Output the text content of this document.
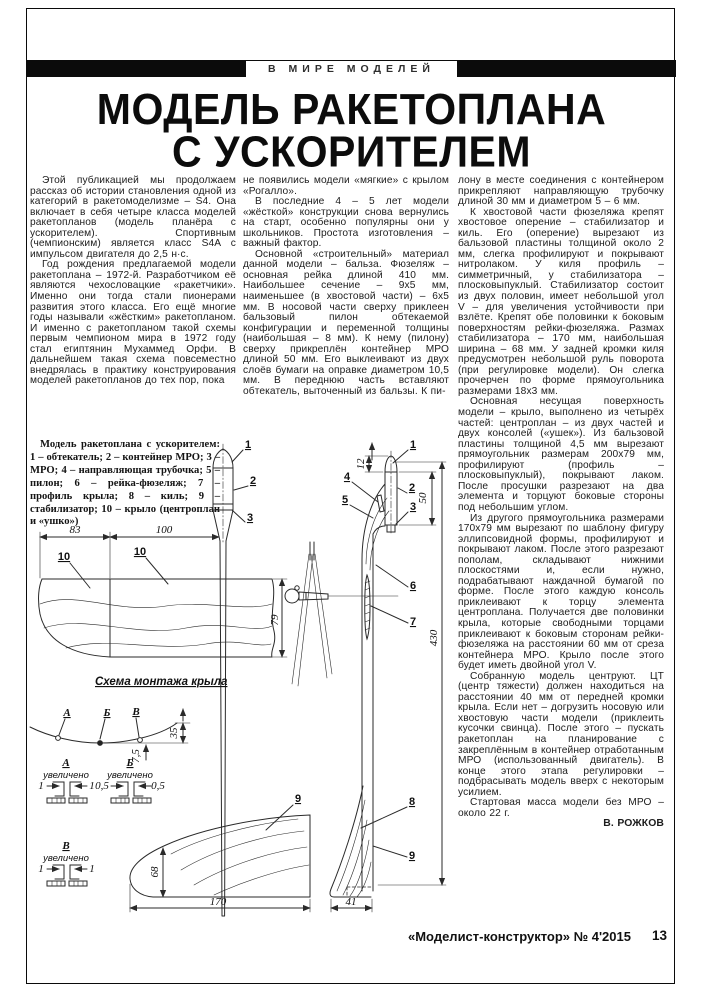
В МИРЕ МОДЕЛЕЙ
МОДЕЛЬ РАКЕТОПЛАНА
С УСКОРИТЕЛЕМ

Этой публикацией мы продолжаем рассказ об истории становления одной из категорий в ракетомоделизме – S4. Она включает в себя четыре класса моделей ракетопланов (модель планёра с ускорителем). Спортивным (чемпионским) является класс S4A с импульсом двигателя до 2,5 н·с.

Год рождения предлагаемой модели ракетоплана – 1972-й. Разработчиком её являются чехословацкие «ракетчики». Именно они тогда стали пионерами развития этого класса. Его ещё многие годы называли «жёстким» ракетопланом. И именно с ракетопланом такой схемы первым чемпионом мира в 1972 году стал египтянин Мухаммед Орфи. В дальнейшем такая схема повсеместно внедрялась в практику конструирования моделей ракетопланов до тех пор, пока

не появились модели «мягкие» с крылом «Рогалло».

В последние 4 – 5 лет модели «жёсткой» конструкции снова вернулись на старт, особенно популярны они у школьников. Простота изготовления – важный фактор.

Основной «строительный» материал данной модели – бальза. Фюзеляж – основная рейка длиной 410 мм. Наибольшее сечение – 9х5 мм, наименьшее (в хвостовой части) – 6х5 мм. В носовой части сверху приклеен бальзовый пилон обтекаемой конфигурации и переменной толщины (наибольшая – 8 мм). К нему (пилону) сверху прикреплён контейнер МРО длиной 50 мм. Его выклеивают из двух слоёв бумаги на оправке диаметром 10,5 мм. В переднюю часть вставляют обтекатель, выточенный из бальзы. К пи-

лону в месте соединения с контейнером прикрепляют направляющую трубочку длиной 30 мм и диаметром 5 – 6 мм.

К хвостовой части фюзеляжа крепят хвостовое оперение – стабилизатор и киль. Его (оперение) вырезают из бальзовой пластины толщиной около 2 мм, слегка профилируют и покрывают нитролаком. У киля профиль – симметричный, у стабилизатора – плосковыпуклый. Стабилизатор состоит из двух половин, имеет небольшой угол V – для увеличения устойчивости при взлёте. Крепят обе половинки к боковым поверхностям рейки-фюзеляжа. Размах стабилизатора – 170 мм, наибольшая ширина – 68 мм. У задней кромки киля предусмотрен небольшой руль поворота (при регулировке модели). Он слегка прочерчен по форме прямоугольника размерами 18х3 мм.

Основная несущая поверхность модели – крыло, выполнено из четырёх частей: центроплан – из двух частей и двух консолей («ушек»). Из бальзовой пластины толщиной 4,5 мм вырезают прямоугольник размерам 200х79 мм, профилируют (профиль – плосковыпуклый), покрывают лаком. После просушки разрезают на два элемента и торцуют боковые стороны под небольшим углом.

Из другого прямоугольника размерами 170х79 мм вырезают по шаблону фигуру эллипсовидной формы, профилируют и покрывают лаком. После этого разрезают пополам, складывают нижними плоскостями и, если нужно, подрабатывают наждачной бумагой по форме. После этого каждую консоль приклеивают к торцу элемента центроплана. Получается две половинки крыла, которые свободными торцами приклеивают к боковым сторонам рейки-фюзеляжа на расстоянии 60 мм от среза контейнера МРО. Крыло после этого будет иметь двойной угол V.

Собранную модель центруют. ЦТ (центр тяжести) должен находиться на расстоянии 40 мм от передней кромки крыла. Если нет – догрузить носовую или хвостовую части модели (приклеить кусочки свинца). После этого – пускать ракетоплан на планирование с закреплённым в контейнер отработанным МРО (использованный двигатель). В конце этого этапа регулировки – подбрасывать модель вверх с некоторым усилием.

Стартовая масса модели без МРО – около 22 г.

В. РОЖКОВ

Модель ракетоплана с ускорителем: 1 – обтекатель; 2 – контейнер МРО; 3 – МРО; 4 – направляющая трубочка; 5 – пилон; 6 – рейка-фюзеляж; 7 – профиль крыла; 8 – киль; 9 – стабилизатор; 10 – крыло (центроплан и «ушко»)

1
2
3
83	100
10	10
79
12
50
1
4
5
2
3
6
7
430
8
9
41
9
68
170
Схема монтажа крыла
А	Б В
7,5
35
А
увеличено
1	1
Б
увеличено
0,5	0,5
В
увеличено
1	1
«Моделист-конструктор» № 4'2015 13
